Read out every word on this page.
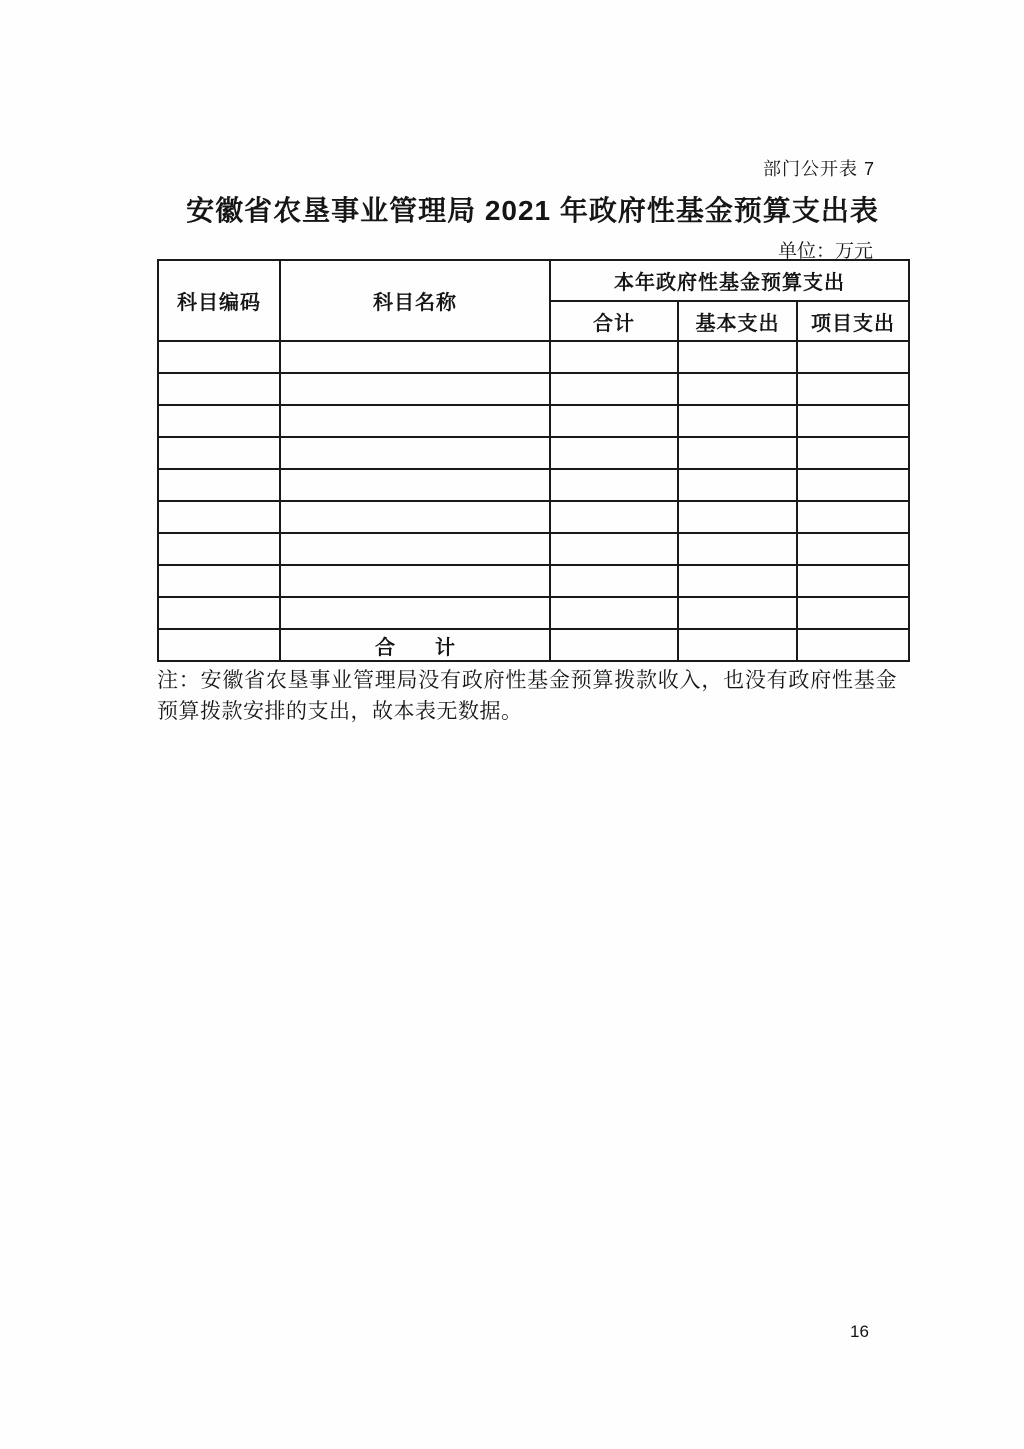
部门公开表 7
安徽省农垦事业管理局 2021 年政府性基金预算支出表
单位：万元
科目编码	科目名称	本年政府性基金预算支出		
		合计	基本支出	项目支出

	合　　计			
注：安徽省农垦事业管理局没有政府性基金预算拨款收入，也没有政府性基金预算拨款安排的支出，故本表无数据。
16
